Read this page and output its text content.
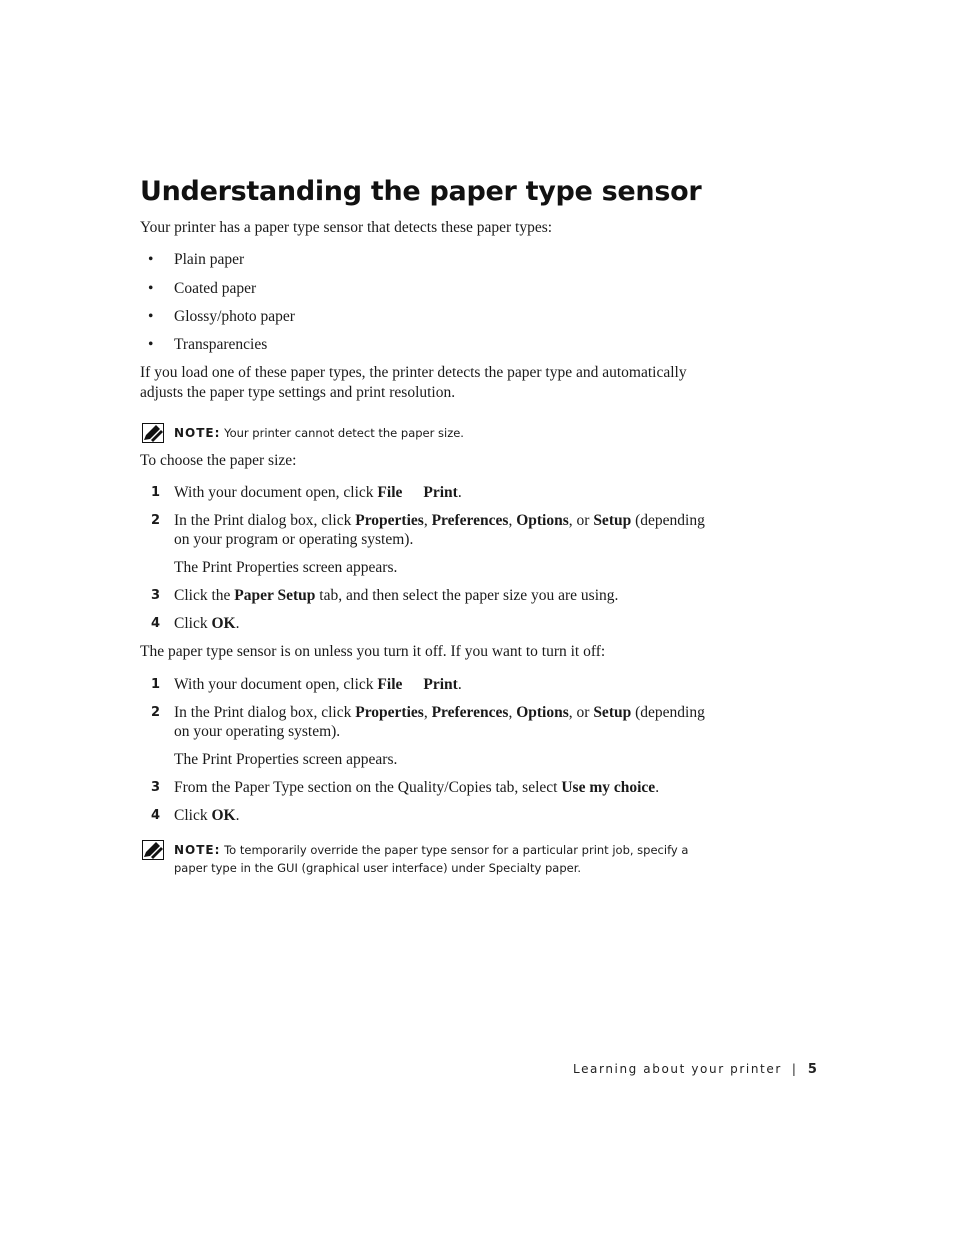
Understanding the paper type sensor

Your printer has a paper type sensor that detects these paper types:

• Plain paper

• Coated paper

• Glossy/photo paper

• Transparencies

If you load one of these paper types, the printer detects the paper type and automatically adjusts the paper type settings and print resolution.

NOTE: Your printer cannot detect the paper size.

To choose the paper size:

1 With your document open, click File Print.

2 In the Print dialog box, click Properties, Preferences, Options, or Setup (depending on your program or operating system).

The Print Properties screen appears.

3 Click the Paper Setup tab, and then select the paper size you are using.

4 Click OK.

The paper type sensor is on unless you turn it off. If you want to turn it off:

1 With your document open, click File Print.

2 In the Print dialog box, click Properties, Preferences, Options, or Setup (depending on your operating system).

The Print Properties screen appears.

3 From the Paper Type section on the Quality/Copies tab, select Use my choice.

4 Click OK.

NOTE: To temporarily override the paper type sensor for a particular print job, specify a paper type in the GUI (graphical user interface) under Specialty paper.

Learning about your printer | 5
